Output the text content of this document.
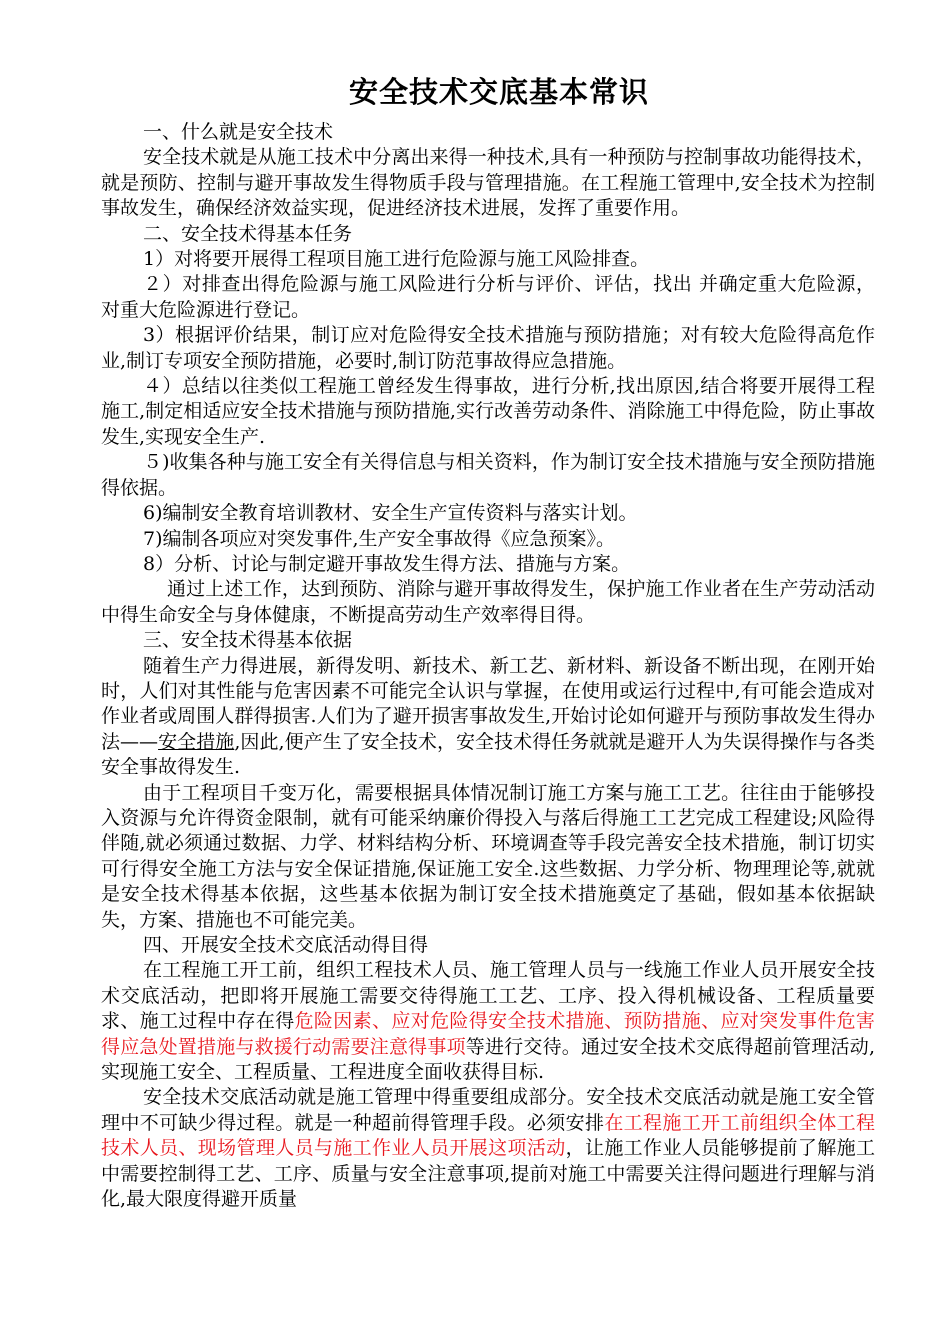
安全技术交底基本常识

一、什么就是安全技术

安全技术就是从施工技术中分离出来得一种技术,具有一种预防与控制事故功能得技术，就是预防、控制与避开事故发生得物质手段与管理措施。在工程施工管理中,安全技术为控制事故发生，确保经济效益实现，促进经济技术进展，发挥了重要作用。

二、安全技术得基本任务

1）对将要开展得工程项目施工进行危险源与施工风险排查。

２）对排查出得危险源与施工风险进行分析与评价、评估，找出 并确定重大危险源， 对重大危险源进行登记。

3）根据评价结果，制订应对危险得安全技术措施与预防措施；对有较大危险得高危作业,制订专项安全预防措施，必要时,制订防范事故得应急措施。

４）总结以往类似工程施工曾经发生得事故，进行分析,找出原因,结合将要开展得工程施工,制定相适应安全技术措施与预防措施,实行改善劳动条件、消除施工中得危险，防止事故发生,实现安全生产.

５)收集各种与施工安全有关得信息与相关资料，作为制订安全技术措施与安全预防措施得依据。

6)编制安全教育培训教材、安全生产宣传资料与落实计划。

7)编制各项应对突发事件,生产安全事故得《应急预案》。

8）分析、讨论与制定避开事故发生得方法、措施与方案。

通过上述工作，达到预防、消除与避开事故得发生，保护施工作业者在生产劳动活动中得生命安全与身体健康，不断提高劳动生产效率得目得。

三、安全技术得基本依据

随着生产力得进展，新得发明、新技术、新工艺、新材料、新设备不断出现，在刚开始时，人们对其性能与危害因素不可能完全认识与掌握，在使用或运行过程中,有可能会造成对作业者或周围人群得损害.人们为了避开损害事故发生,开始讨论如何避开与预防事故发生得办法——安全措施,因此,便产生了安全技术，安全技术得任务就就是避开人为失误得操作与各类安全事故得发生.

由于工程项目千变万化，需要根据具体情况制订施工方案与施工工艺。往往由于能够投入资源与允许得资金限制，就有可能采纳廉价得投入与落后得施工工艺完成工程建设;风险得伴随,就必须通过数据、力学、材料结构分析、环境调查等手段完善安全技术措施，制订切实可行得安全施工方法与安全保证措施,保证施工安全.这些数据、力学分析、物理理论等,就就是安全技术得基本依据，这些基本依据为制订安全技术措施奠定了基础，假如基本依据缺失，方案、措施也不可能完美。

四、开展安全技术交底活动得目得

在工程施工开工前，组织工程技术人员、施工管理人员与一线施工作业人员开展安全技术交底活动，把即将开展施工需要交待得施工工艺、工序、投入得机械设备、工程质量要求、施工过程中存在得危险因素、应对危险得安全技术措施、预防措施、应对突发事件危害得应急处置措施与救援行动需要注意得事项等进行交待。通过安全技术交底得超前管理活动,实现施工安全、工程质量、工程进度全面收获得目标.

安全技术交底活动就是施工管理中得重要组成部分。安全技术交底活动就是施工安全管理中不可缺少得过程。就是一种超前得管理手段。必须安排在工程施工开工前组织全体工程技术人员、现场管理人员与施工作业人员开展这项活动，让施工作业人员能够提前了解施工中需要控制得工艺、工序、质量与安全注意事项,提前对施工中需要关注得问题进行理解与消化,最大限度得避开质量
